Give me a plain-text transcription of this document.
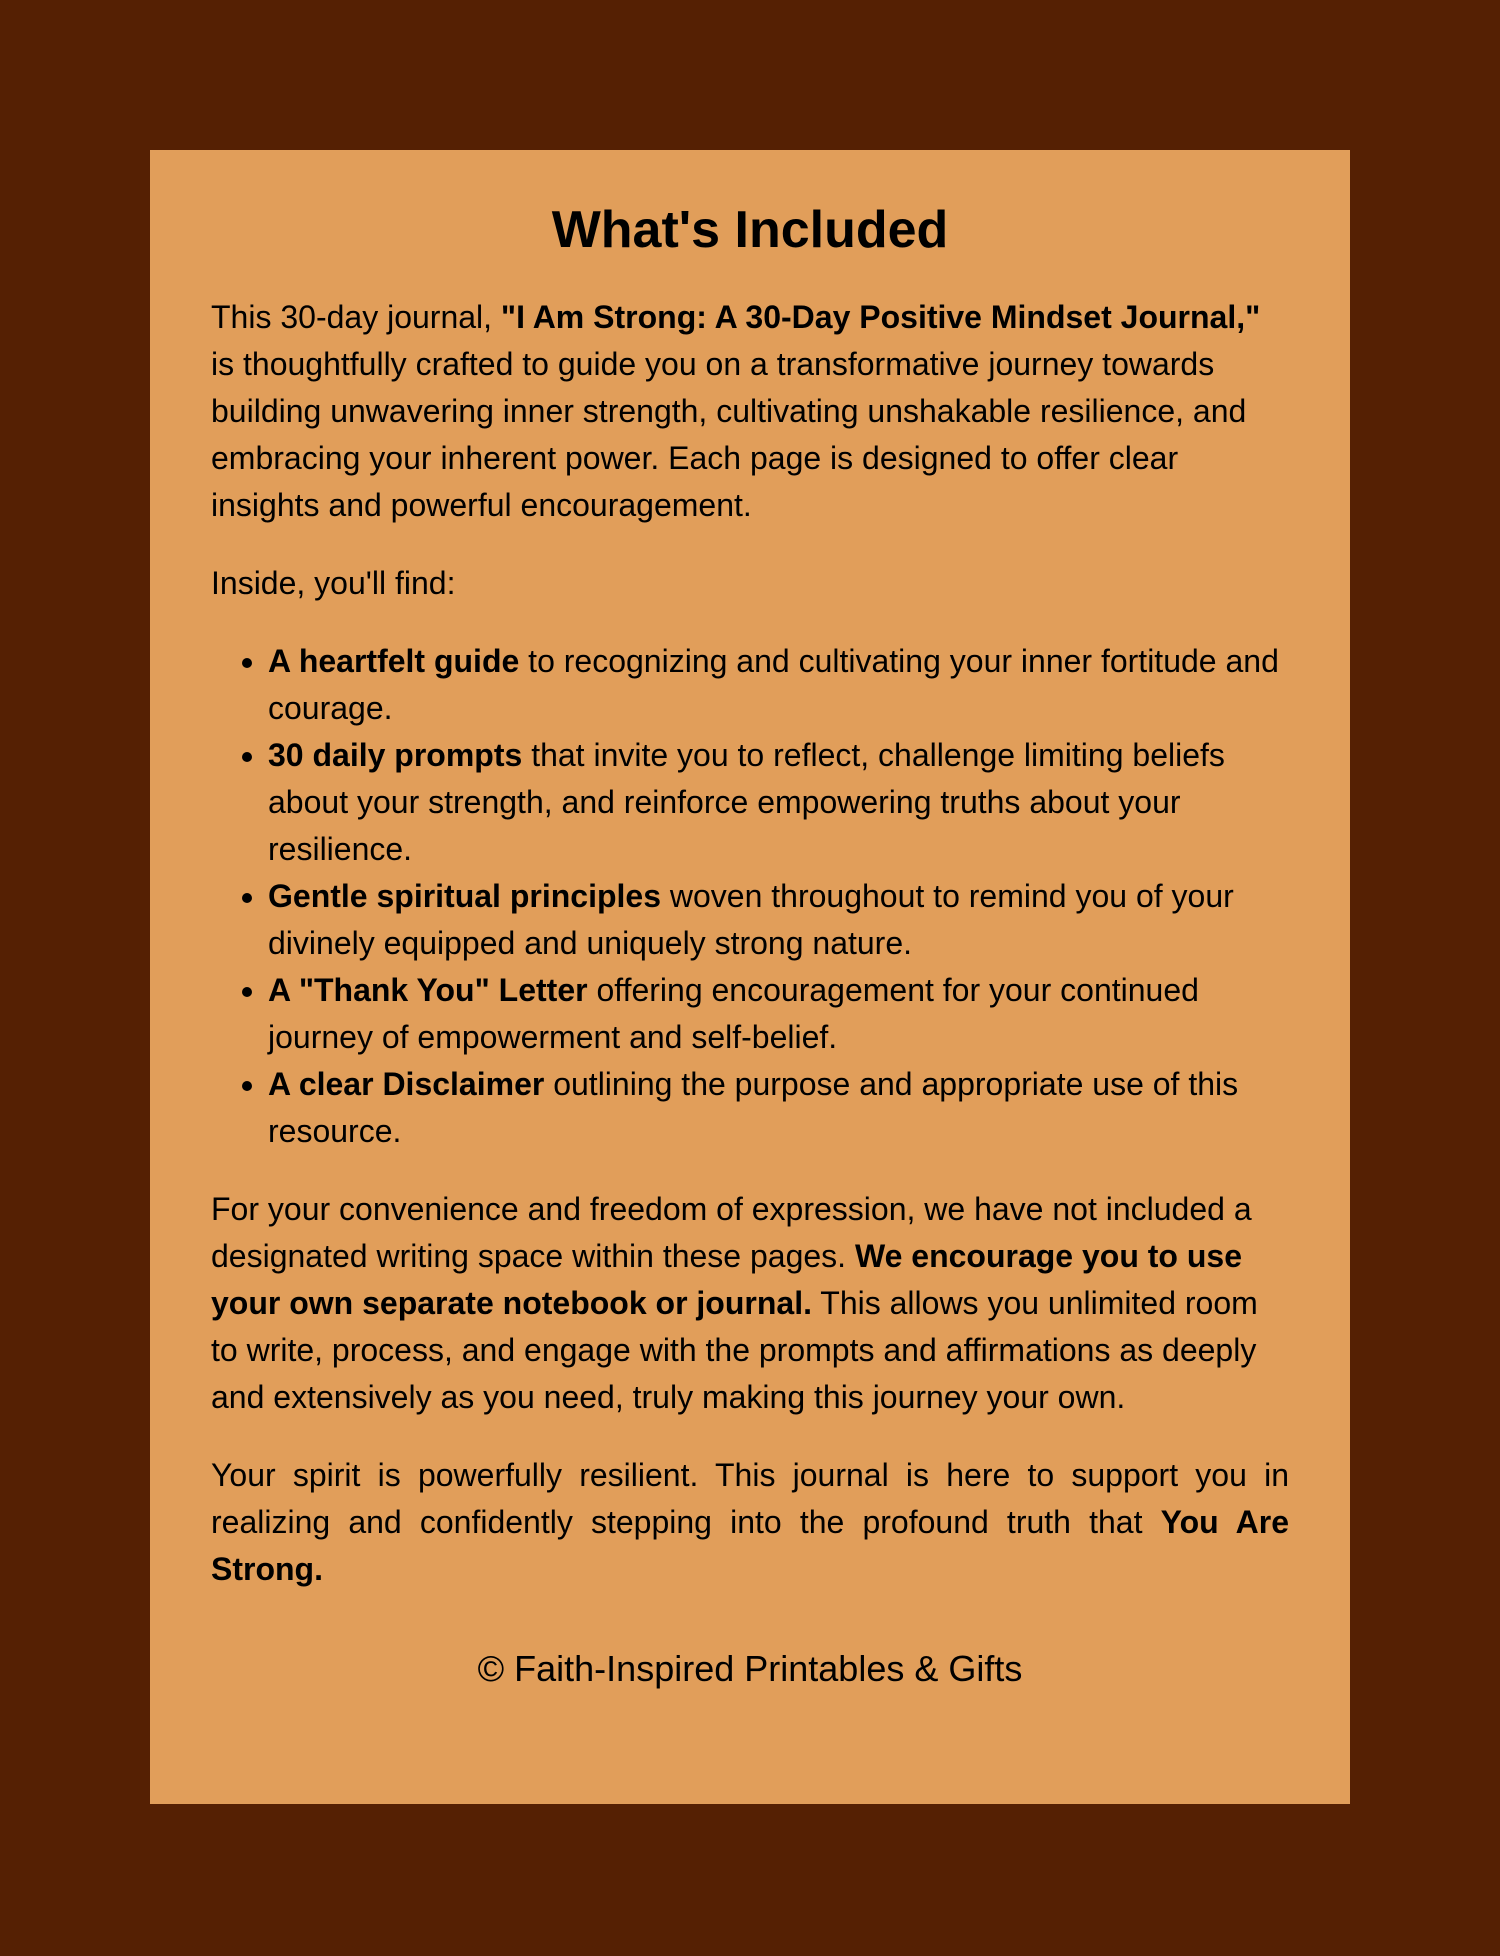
What's Included

This 30-day journal, "I Am Strong: A 30-Day Positive Mindset Journal," is thoughtfully crafted to guide you on a transformative journey towards building unwavering inner strength, cultivating unshakable resilience, and embracing your inherent power. Each page is designed to offer clear insights and powerful encouragement.

Inside, you'll find:

• A heartfelt guide to recognizing and cultivating your inner fortitude and courage.
• 30 daily prompts that invite you to reflect, challenge limiting beliefs about your strength, and reinforce empowering truths about your resilience.
• Gentle spiritual principles woven throughout to remind you of your divinely equipped and uniquely strong nature.
• A "Thank You" Letter offering encouragement for your continued journey of empowerment and self-belief.
• A clear Disclaimer outlining the purpose and appropriate use of this resource.

For your convenience and freedom of expression, we have not included a designated writing space within these pages. We encourage you to use your own separate notebook or journal. This allows you unlimited room to write, process, and engage with the prompts and affirmations as deeply and extensively as you need, truly making this journey your own.

Your spirit is powerfully resilient. This journal is here to support you in realizing and confidently stepping into the profound truth that You Are Strong.

© Faith-Inspired Printables & Gifts
